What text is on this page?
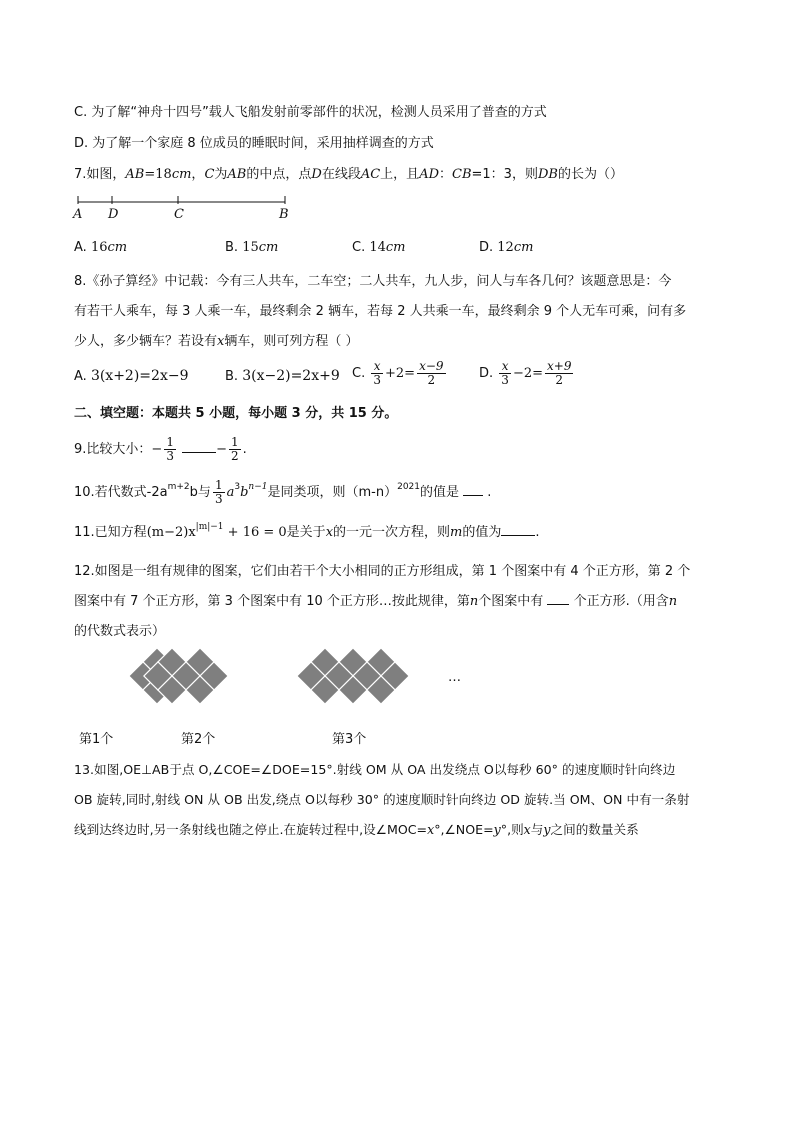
C. 为了解“神舟十四号”载人飞船发射前零部件的状况，检测人员采用了普查的方式
D. 为了解一个家庭 8 位成员的睡眠时间，采用抽样调查的方式
7.如图，AB=18cm，C为AB的中点，点D在线段AC上，且AD：CB=1：3，则DB的长为（）
A D	C	B
A. 16cm	B. 15cm	C. 14cm	D. 12cm
8.《孙子算经》中记载：今有三人共车，二车空；二人共车，九人步，问人与车各几何？该题意思是：今
有若干人乘车，每 3 人乘一车，最终剩余 2 辆车，若每 2 人共乘一车，最终剩余 9 个人无车可乘，问有多
少人，多少辆车？若设有x辆车，则可列方程（ ）
A. 3(x+2)=2x−9	B. 3(x−2)=2x+9 C. $\frac{x}{3} +2= \frac{x-9}{2}$	D. $\frac{x}{3} -2= \frac{x+9}{2}$
二、填空题：本题共 5 小题，每小题 3 分，共 15 分。
9.比较大小：− $\frac{1}{3}$	− $\frac{1}{2}$ .
10.若代数式$-2a^{m+2}b$与 $\frac{1}{3} a^3b^{n-1}$是同类项，则$(m-n)^{2021}$的值是 .
11.已知方程$(m-2)x^{|m|-1} + 16 = 0$是关于x的一元一次方程，则m的值为	.
12.如图是一组有规律的图案，它们由若干个大小相同的正方形组成，第 1 个图案中有 4 个正方形，第 2 个
图案中有 7 个正方形，第 3 个图案中有 10 个正方形…按此规律，第n个图案中有 个正方形.（用含n
的代数式表示）
…
第1个	第2个	第3个
13.如图,OE⊥AB于点 O,∠COE=∠DOE=15°.射线 OM 从 OA 出发绕点 O以每秒 60° 的速度顺时针向终边
OB 旋转,同时,射线 ON 从 OB 出发,绕点 O以每秒 30° 的速度顺时针向终边 OD 旋转.当 OM、ON 中有一条射
线到达终边时,另一条射线也随之停止.在旋转过程中,设∠MOC=x°,∠NOE=y°,则x与y之间的数量关系
